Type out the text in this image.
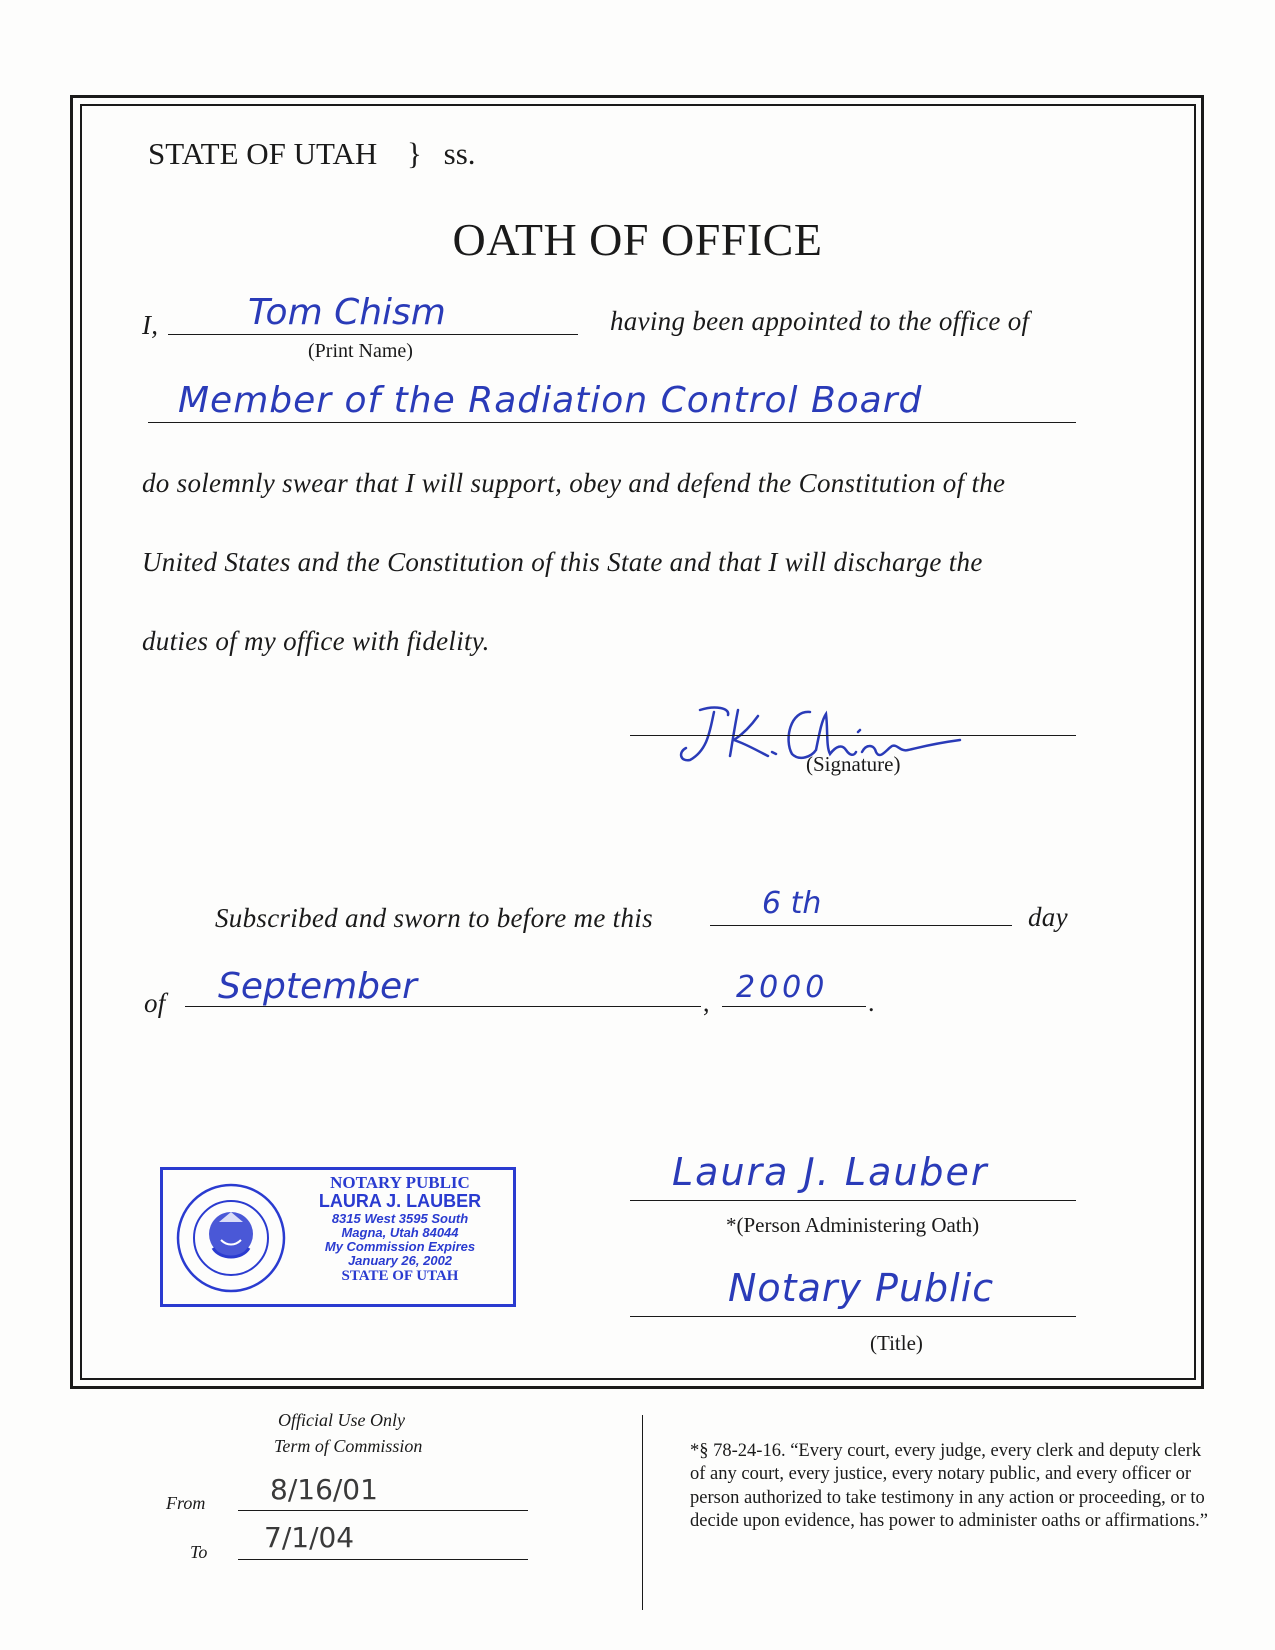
STATE OF UTAH } ss.
OATH OF OFFICE
I, Tom Chism
(Print Name)
having been appointed to the office of
Member of the Radiation Control Board
do solemnly swear that I will support, obey and defend the Constitution of the
United States and the Constitution of this State and that I will discharge the
duties of my office with fidelity.
(Signature)
Subscribed and sworn to before me this	6 th	day
of September	, 2000 .
NOTARY PUBLIC
LAURA J. LAUBER
8315 West 3595 South
Magna, Utah 84044
My Commission Expires
January 26, 2002
STATE OF UTAH
Laura J. Lauber
*(Person Administering Oath)
Notary Public
(Title)
Official Use Only
Term of Commission
From 8/16/01
To 7/1/04
*§ 78-24-16. “Every court, every judge, every clerk and deputy clerk of any court, every justice, every notary public, and every officer or person authorized to take testimony in any action or proceeding, or to decide upon evidence, has power to administer oaths or affirmations.”
